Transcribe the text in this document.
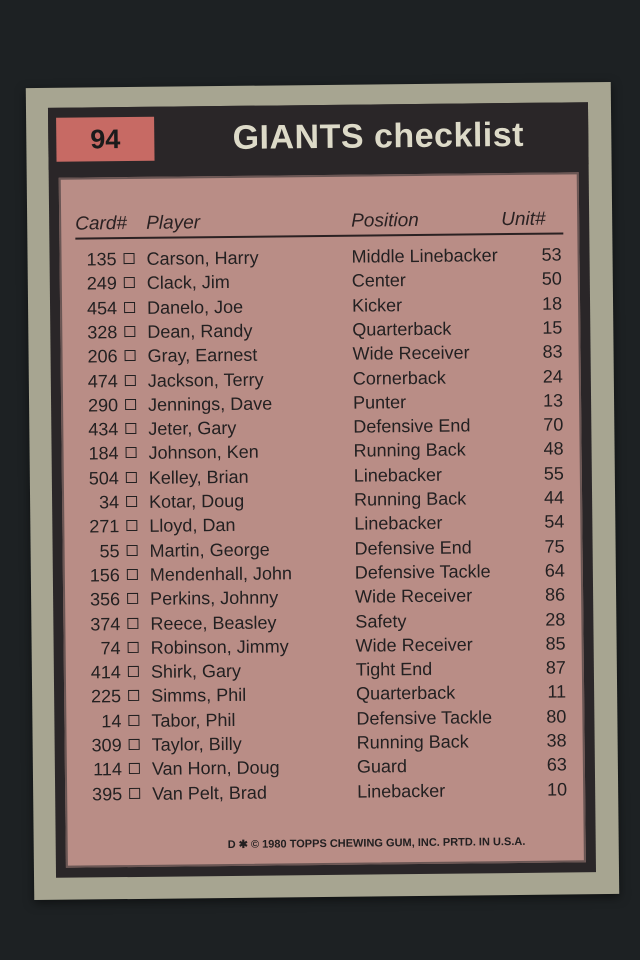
94	GIANTS checklist
Card# Player	Position	Unit#
135 Carson, Harry	Middle Linebacker	53
249 Clack, Jim	Center	50
454 Danelo, Joe	Kicker	18
328 Dean, Randy	Quarterback	15
206 Gray, Earnest	Wide Receiver	83
474 Jackson, Terry	Cornerback	24
290 Jennings, Dave	Punter	13
434 Jeter, Gary	Defensive End	70
184 Johnson, Ken	Running Back	48
504 Kelley, Brian	Linebacker	55
34 Kotar, Doug	Running Back	44
271 Lloyd, Dan	Linebacker	54
55 Martin, George	Defensive End	75
156 Mendenhall, John	Defensive Tackle	64
356 Perkins, Johnny	Wide Receiver	86
374 Reece, Beasley	Safety	28
74 Robinson, Jimmy	Wide Receiver	85
414 Shirk, Gary	Tight End	87
225 Simms, Phil	Quarterback	11
14 Tabor, Phil	Defensive Tackle	80
309 Taylor, Billy	Running Back	38
114 Van Horn, Doug	Guard	63
395 Van Pelt, Brad	Linebacker	10
D ✱ © 1980 TOPPS CHEWING GUM, INC. PRTD. IN U.S.A.
